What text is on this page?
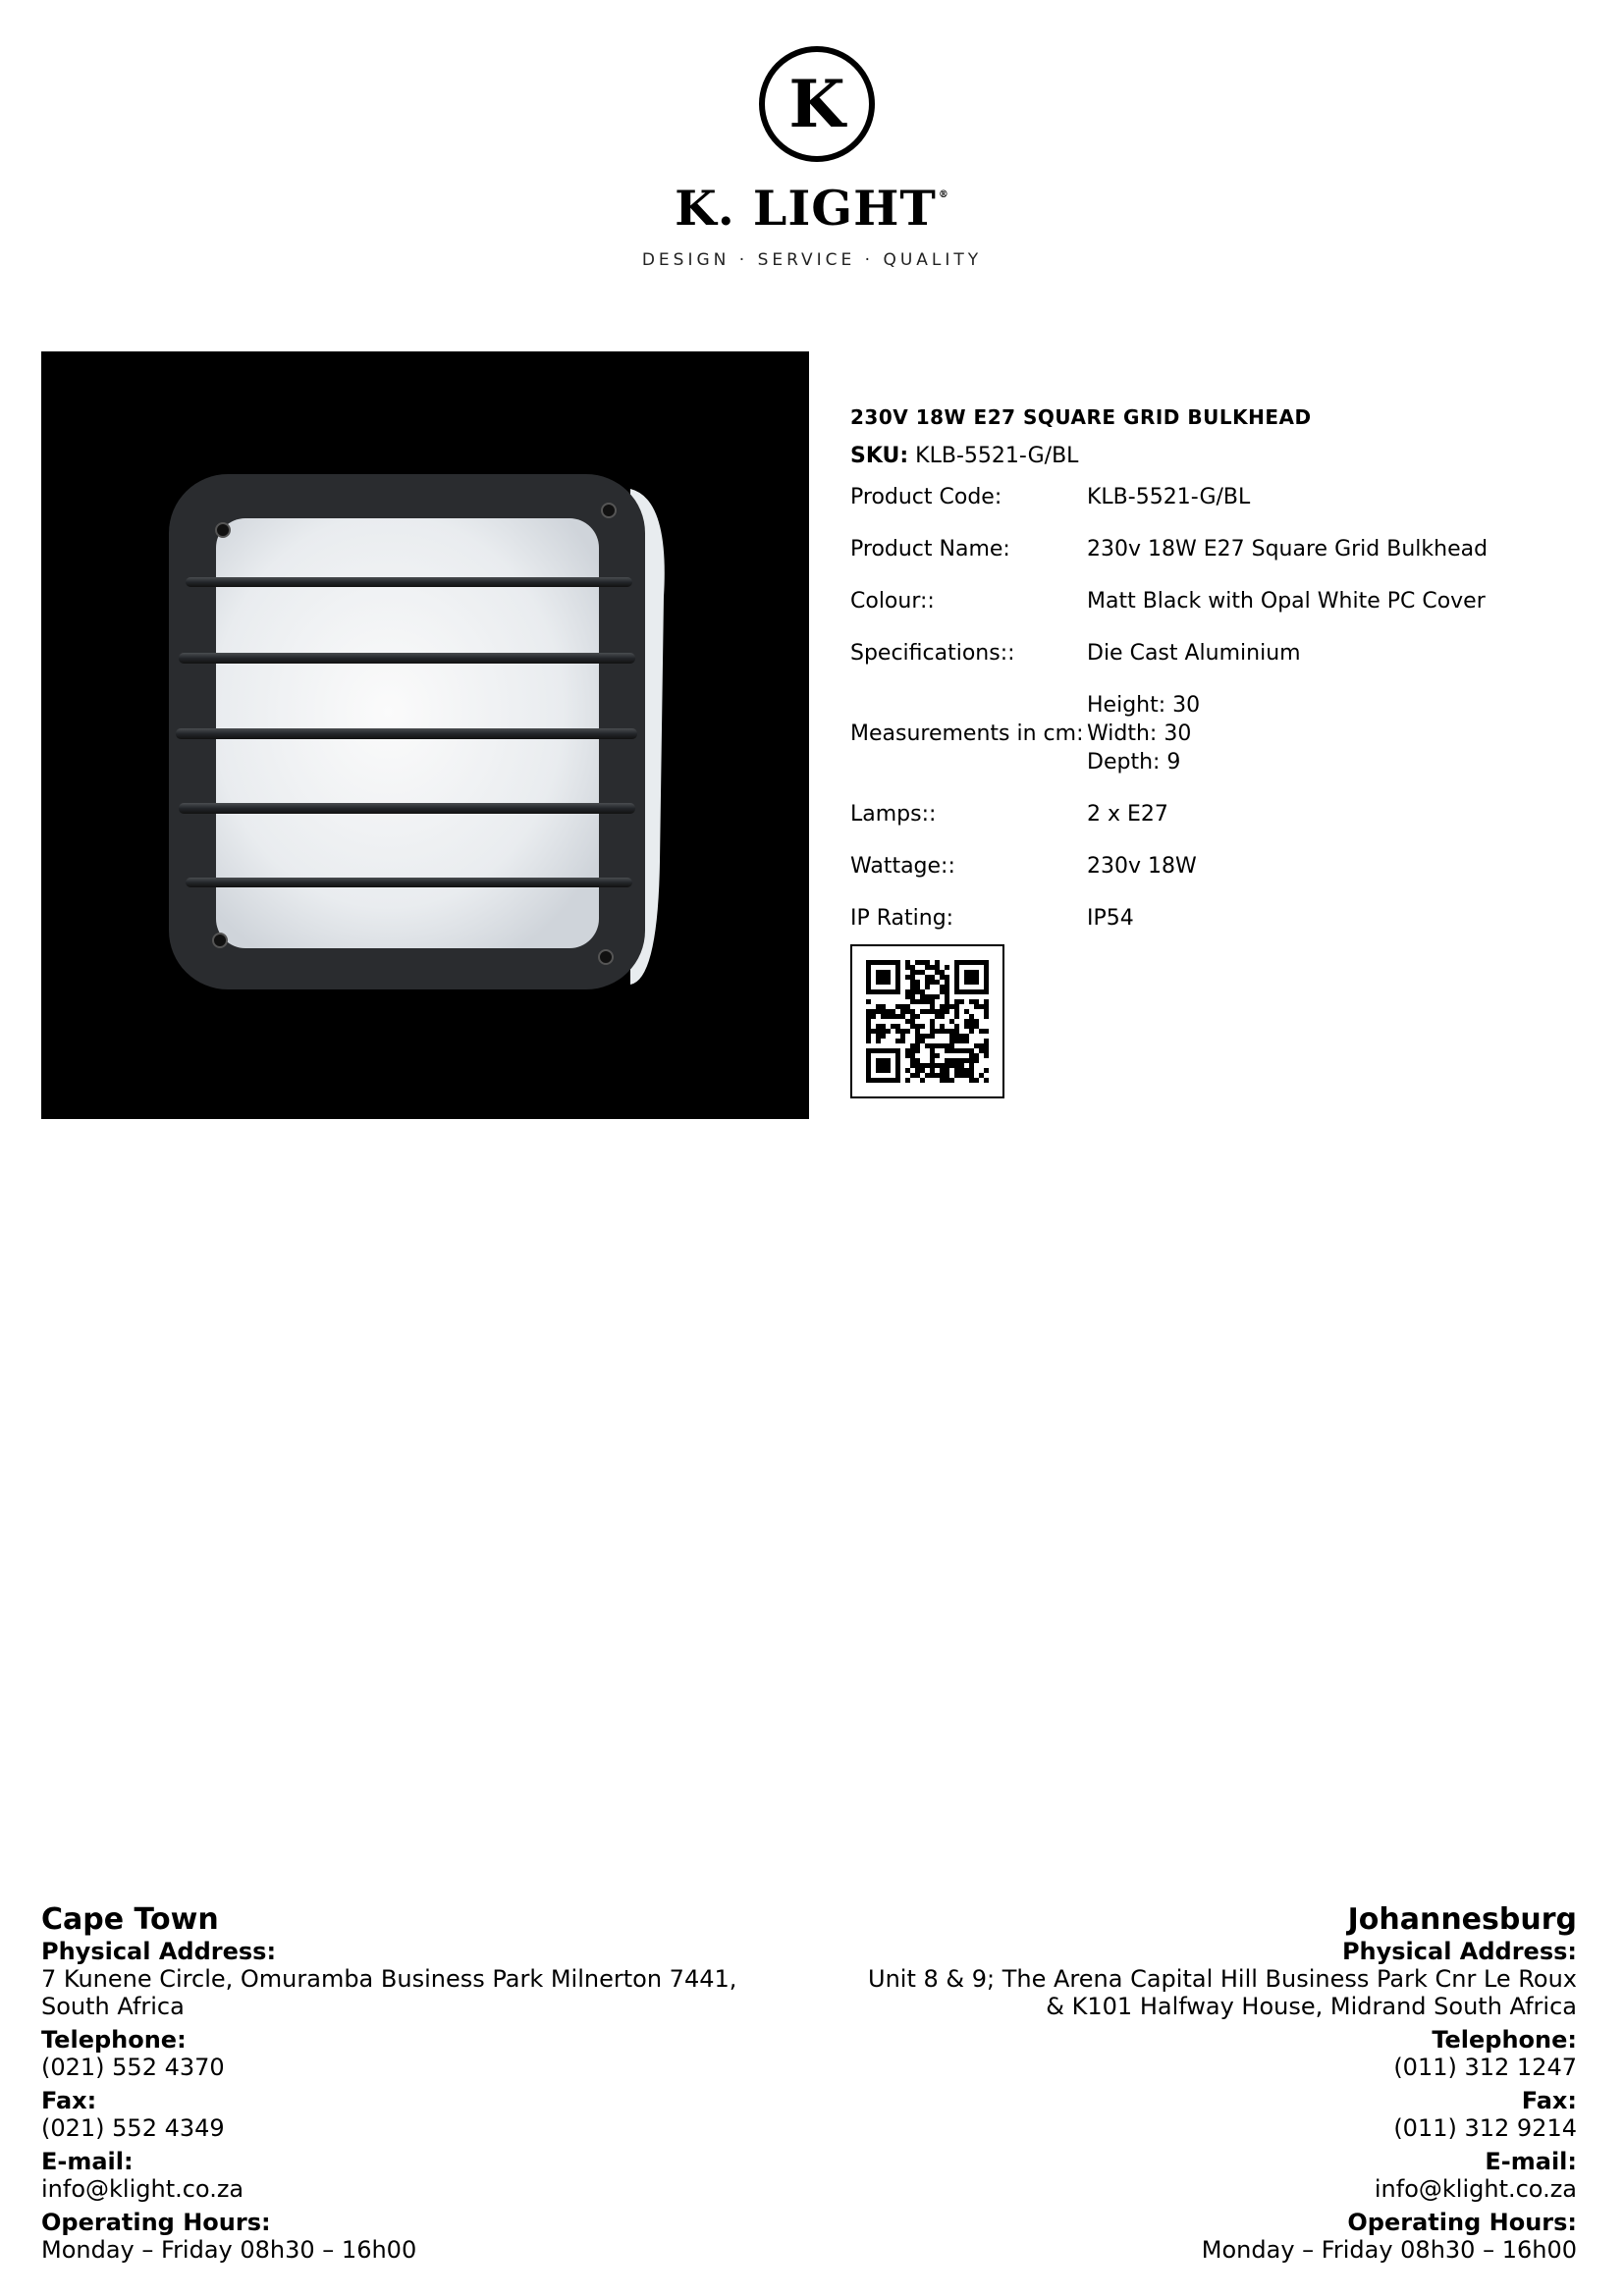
K
K. LIGHT ®
DESIGN · SERVICE · QUALITY
230V 18W E27 SQUARE GRID BULKHEAD
SKU: KLB-5521-G/BL
Product Code:	KLB-5521-G/BL
Product Name:	230v 18W E27 Square Grid Bulkhead
Colour::	Matt Black with Opal White PC Cover
Specifications::	Die Cast Aluminium
Measurements in cm:
Height: 30
Width: 30
Depth: 9
Lamps::	2 x E27
Wattage::	230v 18W
IP Rating:	IP54
Cape Town
Physical Address:
7 Kunene Circle, Omuramba Business Park Milnerton 7441,
South Africa
Telephone:
(021) 552 4370
Fax:
(021) 552 4349
E-mail:
info@klight.co.za
Operating Hours:
Monday – Friday 08h30 – 16h00
Johannesburg
Physical Address:
Unit 8 & 9; The Arena Capital Hill Business Park Cnr Le Roux
& K101 Halfway House, Midrand South Africa
Telephone:
(011) 312 1247
Fax:
(011) 312 9214
E-mail:
info@klight.co.za
Operating Hours:
Monday – Friday 08h30 – 16h00
